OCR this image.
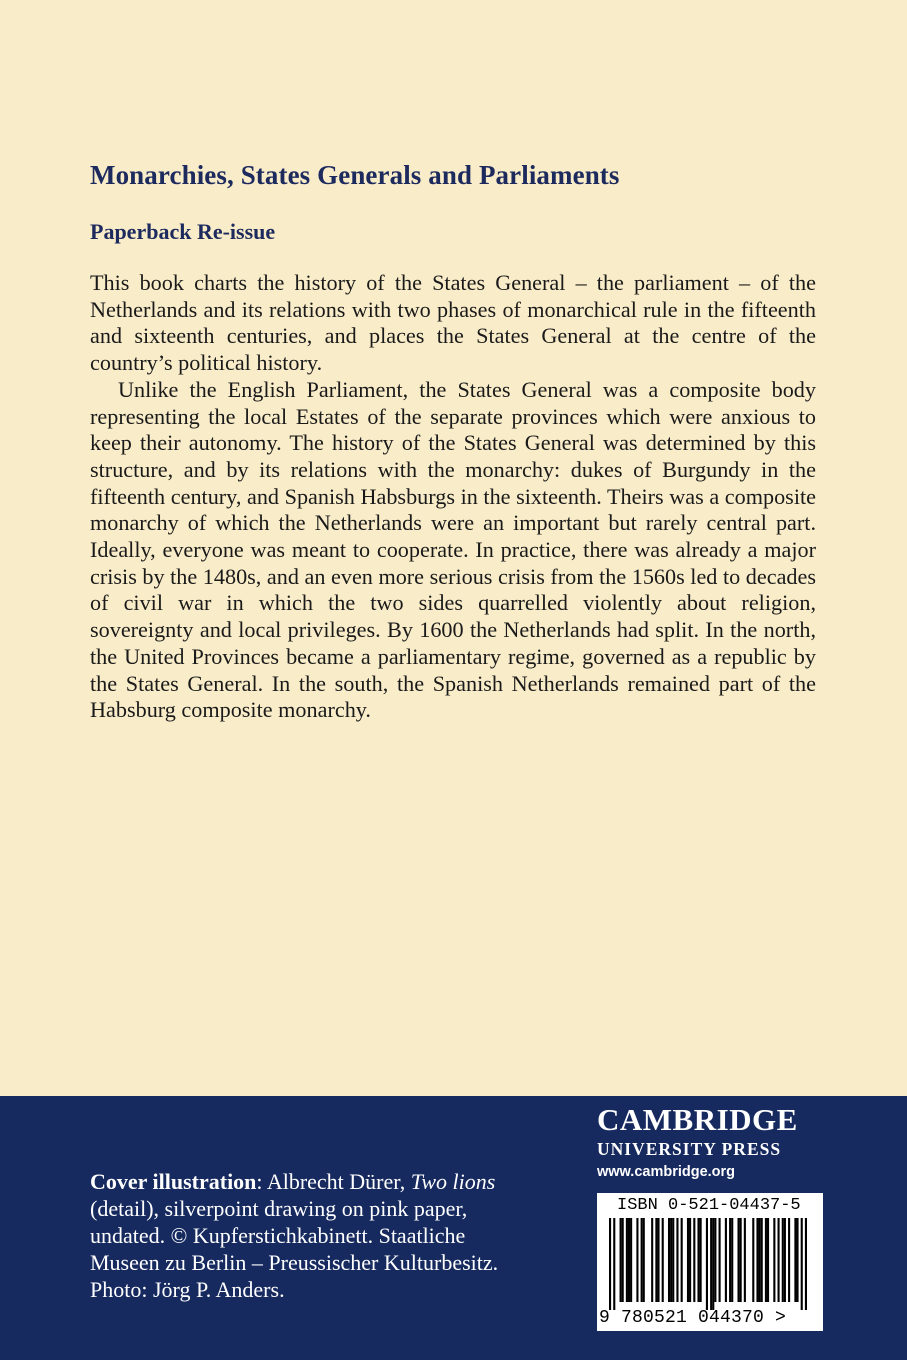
Monarchies, States Generals and Parliaments
Paperback Re-issue

This book charts the history of the States General – the parliament – of the Netherlands and its relations with two phases of monarchical rule in the fifteenth and sixteenth centuries, and places the States General at the centre of the country’s political history.

Unlike the English Parliament, the States General was a composite body representing the local Estates of the separate provinces which were anxious to keep their autonomy. The history of the States General was determined by this structure, and by its relations with the monarchy: dukes of Burgundy in the fifteenth century, and Spanish Habsburgs in the sixteenth. Theirs was a composite monarchy of which the Netherlands were an important but rarely central part. Ideally, everyone was meant to cooperate. In practice, there was already a major crisis by the 1480s, and an even more serious crisis from the 1560s led to decades of civil war in which the two sides quarrelled violently about religion, sovereignty and local privileges. By 1600 the Netherlands had split. In the north, the United Provinces became a parliamentary regime, governed as a republic by the States General. In the south, the Spanish Netherlands remained part of the Habsburg composite monarchy.

Cover illustration: Albrecht Dürer, Two lions (detail), silverpoint drawing on pink paper, undated. © Kupferstichkabinett. Staatliche Museen zu Berlin – Preussischer Kulturbesitz. Photo: Jörg P. Anders.
CAMBRIDGE
UNIVERSITY PRESS
www.cambridge.org
ISBN 0-521-04437-5
9 780521 044370 >
